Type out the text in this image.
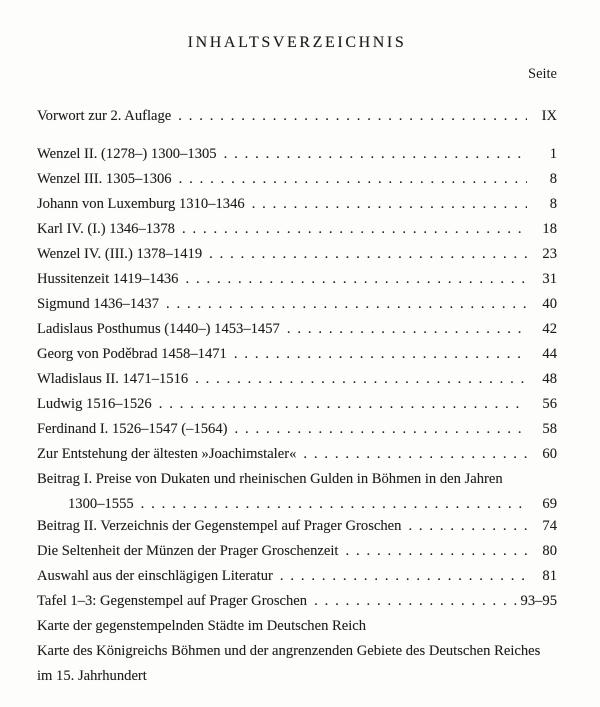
INHALTSVERZEICHNIS
Seite
Vorwort zur 2. Auflage . . .	IX
Wenzel II. (1278–) 1300–1305 . . .	1
Wenzel III. 1305–1306 . . .	8
Johann von Luxemburg 1310–1346 . . .	8
Karl IV. (I.) 1346–1378 . . .	18
Wenzel IV. (III.) 1378–1419 . . .	23
Hussitenzeit 1419–1436 . . .	31
Sigmund 1436–1437 . . .	40
Ladislaus Posthumus (1440–) 1453–1457 . . .	42
Georg von Poděbrad 1458–1471 . . .	44
Wladislaus II. 1471–1516 . . .	48
Ludwig 1516–1526 . . .	56
Ferdinand I. 1526–1547 (–1564) . . .	58
Zur Entstehung der ältesten »Joachimstaler« . . .	60
Beitrag I. Preise von Dukaten und rheinischen Gulden in Böhmen in den Jahren
1300–1555 . . .	69
Beitrag II. Verzeichnis der Gegenstempel auf Prager Groschen . . .	74
Die Seltenheit der Münzen der Prager Groschenzeit . . .	80
Auswahl aus der einschlägigen Literatur . . .	81
Tafel 1–3: Gegenstempel auf Prager Groschen . . .	93–95
Karte der gegenstempelnden Städte im Deutschen Reich
Karte des Königreichs Böhmen und der angrenzenden Gebiete des Deutschen Reiches
im 15. Jahrhundert
